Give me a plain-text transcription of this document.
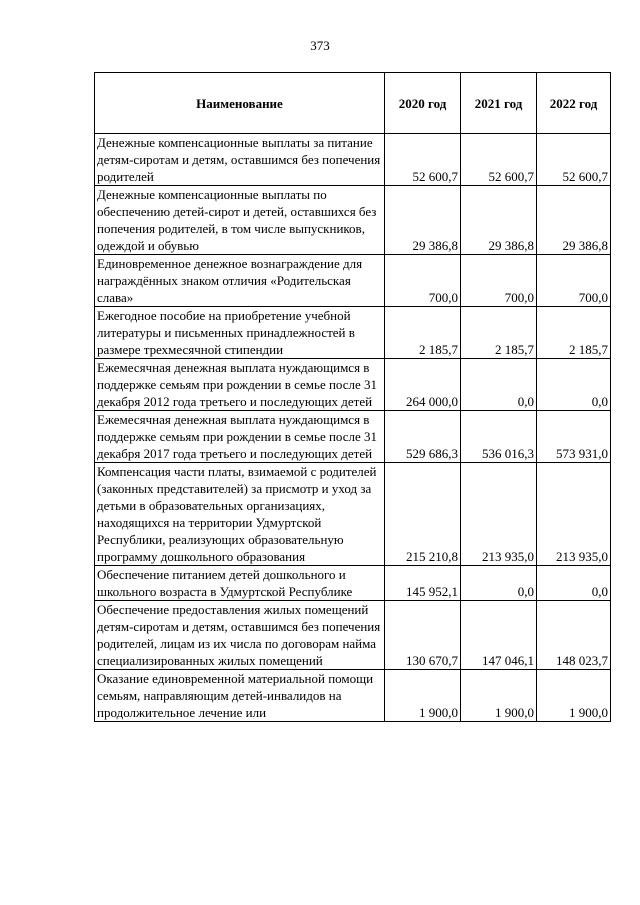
373
Наименование	2020 год	2021 год	2022 год
Денежные компенсационные выплаты за питание детям-сиротам и детям, оставшимся без попечения родителей	52 600,7	52 600,7	52 600,7
Денежные компенсационные выплаты по обеспечению детей-сирот и детей, оставшихся без попечения родителей, в том числе выпускников, одеждой и обувью	29 386,8	29 386,8	29 386,8
Единовременное денежное вознаграждение для награждённых знаком отличия «Родительская слава»	700,0	700,0	700,0
Ежегодное пособие на приобретение учебной литературы и письменных принадлежностей в размере трехмесячной стипендии	2 185,7	2 185,7	2 185,7
Ежемесячная денежная выплата нуждающимся в поддержке семьям при рождении в семье после 31 декабря 2012 года третьего и последующих детей	264 000,0	0,0	0,0
Ежемесячная денежная выплата нуждающимся в поддержке семьям при рождении в семье после 31 декабря 2017 года третьего и последующих детей	529 686,3	536 016,3	573 931,0
Компенсация части платы, взимаемой с родителей (законных представителей) за присмотр и уход за детьми в образовательных организациях, находящихся на территории Удмуртской Республики, реализующих образовательную программу дошкольного образования	215 210,8	213 935,0	213 935,0
Обеспечение питанием детей дошкольного и школьного возраста в Удмуртской Республике	145 952,1	0,0	0,0
Обеспечение предоставления жилых помещений детям-сиротам и детям, оставшимся без попечения родителей, лицам из их числа по договорам найма специализированных жилых помещений	130 670,7	147 046,1	148 023,7
Оказание единовременной материальной помощи семьям, направляющим детей-инвалидов на продолжительное лечение или	1 900,0	1 900,0	1 900,0
